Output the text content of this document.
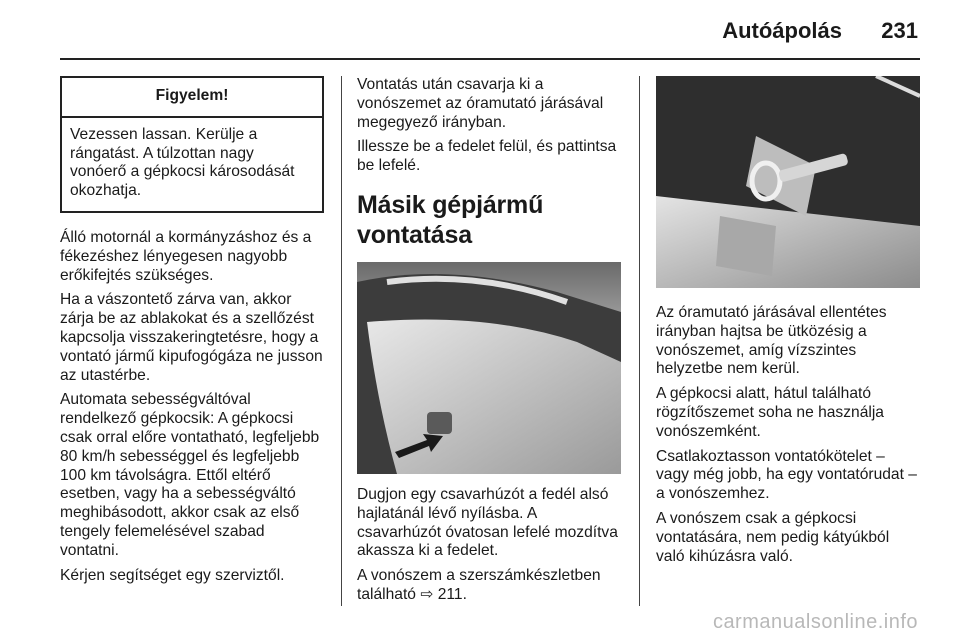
Autóápolás 231
Figyelem!
Vezessen lassan. Kerülje a rángatást. A túlzottan nagy vonóerő a gépkocsi károsodását okozhatja.

Álló motornál a kormányzáshoz és a fékezéshez lényegesen nagyobb erőkifejtés szükséges.

Ha a vászontető zárva van, akkor zárja be az ablakokat és a szellőzést kapcsolja visszakeringtetésre, hogy a vontató jármű kipufogógáza ne jusson az utastérbe.

Automata sebességváltóval rendelkező gépkocsik: A gépkocsi csak orral előre vontatható, legfeljebb 80 km/h sebességgel és legfeljebb 100 km távolságra. Ettől eltérő esetben, vagy ha a sebességváltó meghibásodott, akkor csak az első tengely felemelésével szabad vontatni.

Kérjen segítséget egy szerviztől.

Vontatás után csavarja ki a vonószemet az óramutató járásával megegyező irányban.

Illessze be a fedelet felül, és pattintsa be lefelé.

Másik gépjármű vontatása

Dugjon egy csavarhúzót a fedél alsó hajlatánál lévő nyílásba. A csavarhúzót óvatosan lefelé mozdítva akassza ki a fedelet.

A vonószem a szerszámkészletben található ⇨ 211.

Az óramutató járásával ellentétes irányban hajtsa be ütközésig a vonószemet, amíg vízszintes helyzetbe nem kerül.

A gépkocsi alatt, hátul található rögzítőszemet soha ne használja vonószemként.

Csatlakoztasson vontatókötelet – vagy még jobb, ha egy vontatórudat – a vonószemhez.

A vonószem csak a gépkocsi vontatására, nem pedig kátyúkból való kihúzásra való.

carmanualsonline.info
